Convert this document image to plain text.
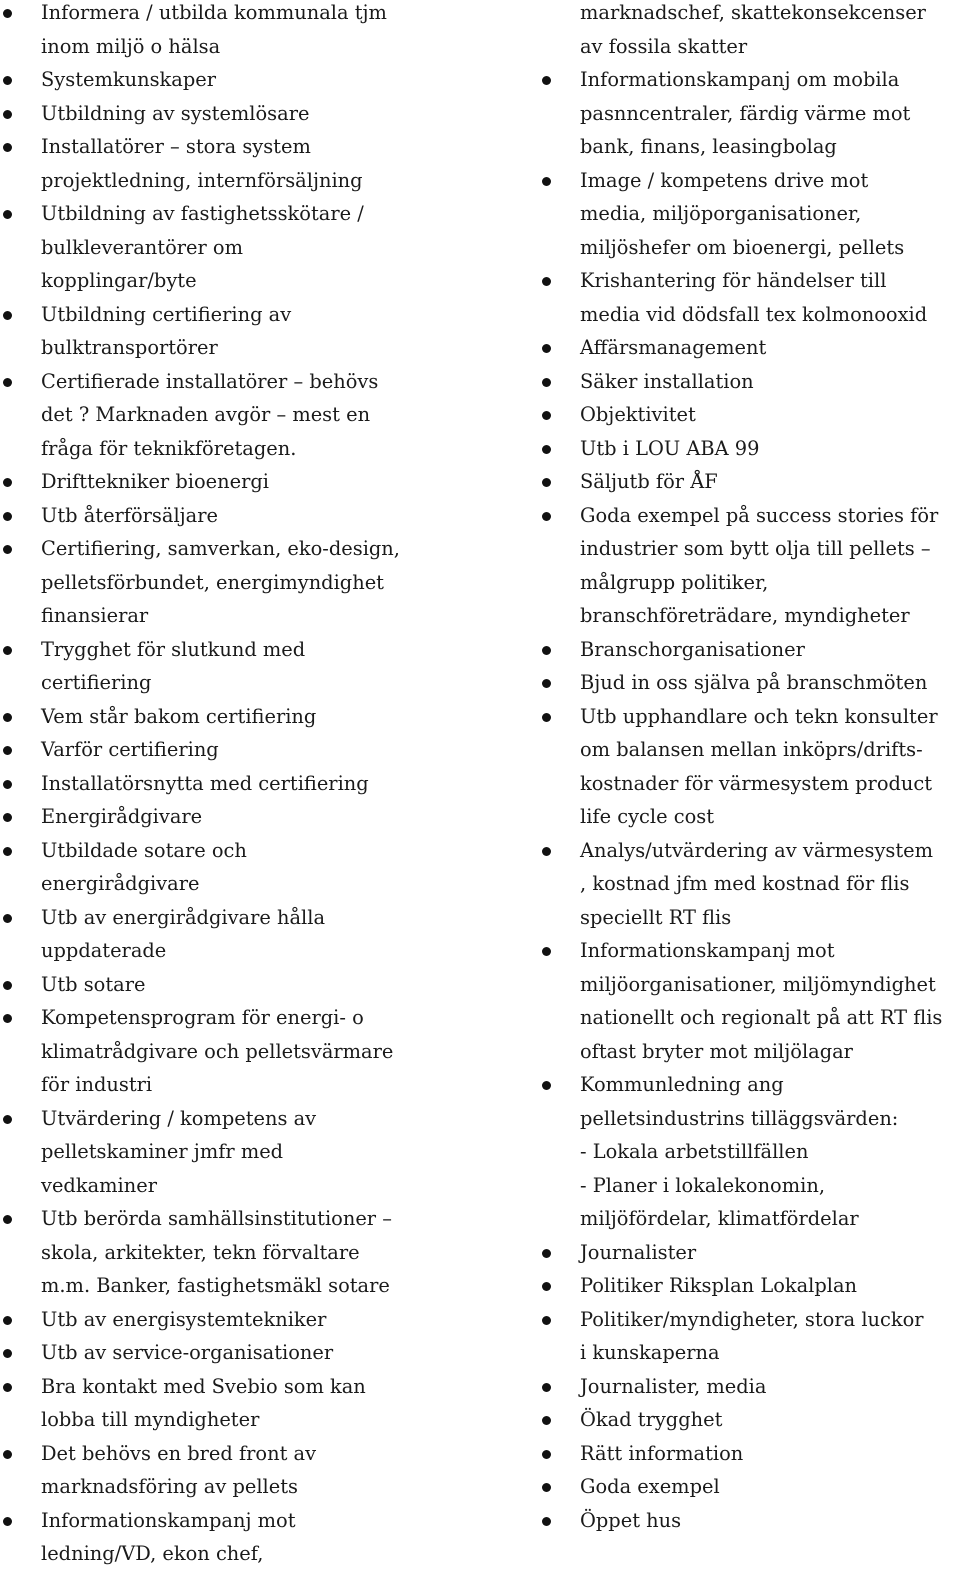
Informera / utbilda kommunala tjm
inom miljö o hälsa
Systemkunskaper
Utbildning av systemlösare
Installatörer – stora system
projektledning, internförsäljning
Utbildning av fastighetsskötare /
bulkleverantörer om
kopplingar/byte
Utbildning certifiering av
bulktransportörer
Certifierade installatörer – behövs
det ? Marknaden avgör – mest en
fråga för teknikföretagen.
Drifttekniker bioenergi
Utb återförsäljare
Certifiering, samverkan, eko-design,
pelletsförbundet, energimyndighet
finansierar
Trygghet för slutkund med
certifiering
Vem står bakom certifiering
Varför certifiering
Installatörsnytta med certifiering
Energirådgivare
Utbildade sotare och
energirådgivare
Utb av energirådgivare hålla
uppdaterade
Utb sotare
Kompetensprogram för energi- o
klimatrådgivare och pelletsvärmare
för industri
Utvärdering / kompetens av
pelletskaminer jmfr med
vedkaminer
Utb berörda samhällsinstitutioner –
skola, arkitekter, tekn förvaltare
m.m. Banker, fastighetsmäkl sotare
Utb av energisystemtekniker
Utb av service-organisationer
Bra kontakt med Svebio som kan
lobba till myndigheter
Det behövs en bred front av
marknadsföring av pellets
Informationskampanj mot
ledning/VD, ekon chef,
marknadschef, skattekonsekcenser
av fossila skatter
Informationskampanj om mobila
pasnncentraler, färdig värme mot
bank, finans, leasingbolag
Image / kompetens drive mot
media, miljöporganisationer,
miljöshefer om bioenergi, pellets
Krishantering för händelser till
media vid dödsfall tex kolmonooxid
Affärsmanagement
Säker installation
Objektivitet
Utb i LOU ABA 99
Säljutb för ÅF
Goda exempel på success stories för
industrier som bytt olja till pellets –
målgrupp politiker,
branschföreträdare, myndigheter
Branschorganisationer
Bjud in oss själva på branschmöten
Utb upphandlare och tekn konsulter
om balansen mellan inköprs/drifts-
kostnader för värmesystem product
life cycle cost
Analys/utvärdering av värmesystem
, kostnad jfm med kostnad för flis
speciellt RT flis
Informationskampanj mot
miljöorganisationer, miljömyndighet
nationellt och regionalt på att RT flis
oftast bryter mot miljölagar
Kommunledning ang
pelletsindustrins tilläggsvärden:
- Lokala arbetstillfällen
- Planer i lokalekonomin,
miljöfördelar, klimatfördelar
Journalister
Politiker Riksplan Lokalplan
Politiker/myndigheter, stora luckor
i kunskaperna
Journalister, media
Ökad trygghet
Rätt information
Goda exempel
Öppet hus
